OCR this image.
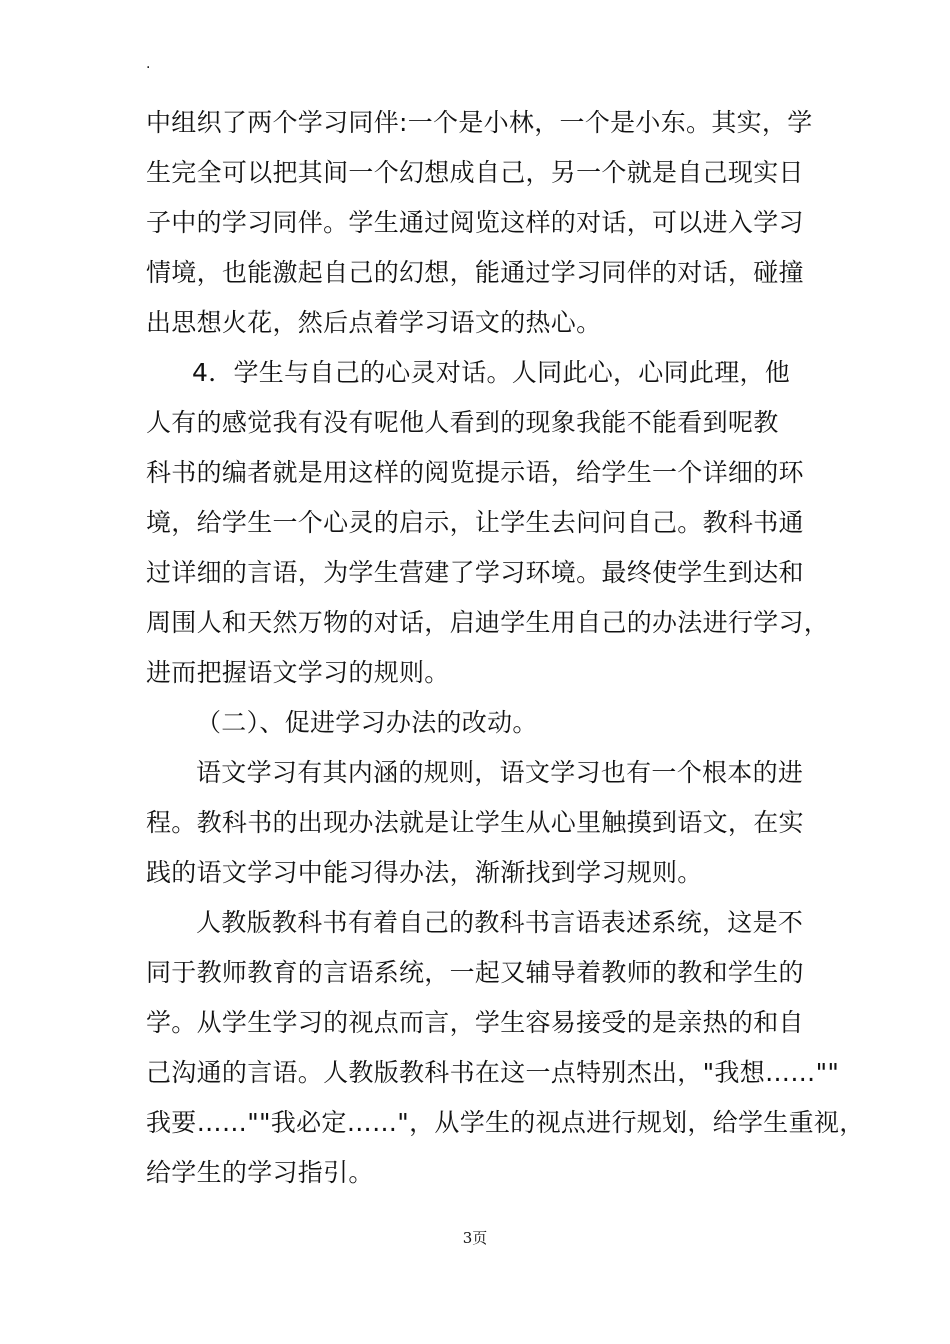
.
中组织了两个学习同伴:一个是小林，一个是小东。其实，学
生完全可以把其间一个幻想成自己，另一个就是自己现实日
子中的学习同伴。学生通过阅览这样的对话，可以进入学习
情境，也能激起自己的幻想，能通过学习同伴的对话，碰撞
出思想火花，然后点着学习语文的热心。
4．学生与自己的心灵对话。人同此心，心同此理，他
人有的感觉我有没有呢他人看到的现象我能不能看到呢教
科书的编者就是用这样的阅览提示语，给学生一个详细的环
境，给学生一个心灵的启示，让学生去问问自己。教科书通
过详细的言语，为学生营建了学习环境。最终使学生到达和
周围人和天然万物的对话，启迪学生用自己的办法进行学习，
进而把握语文学习的规则。
（二）、促进学习办法的改动。
语文学习有其内涵的规则，语文学习也有一个根本的进
程。教科书的出现办法就是让学生从心里触摸到语文，在实
践的语文学习中能习得办法，渐渐找到学习规则。
人教版教科书有着自己的教科书言语表述系统，这是不
同于教师教育的言语系统，一起又辅导着教师的教和学生的
学。从学生学习的视点而言，学生容易接受的是亲热的和自
己沟通的言语。人教版教科书在这一点特别杰出，"我想……""
我要……""我必定……"，从学生的视点进行规划，给学生重视，
给学生的学习指引。
3页
